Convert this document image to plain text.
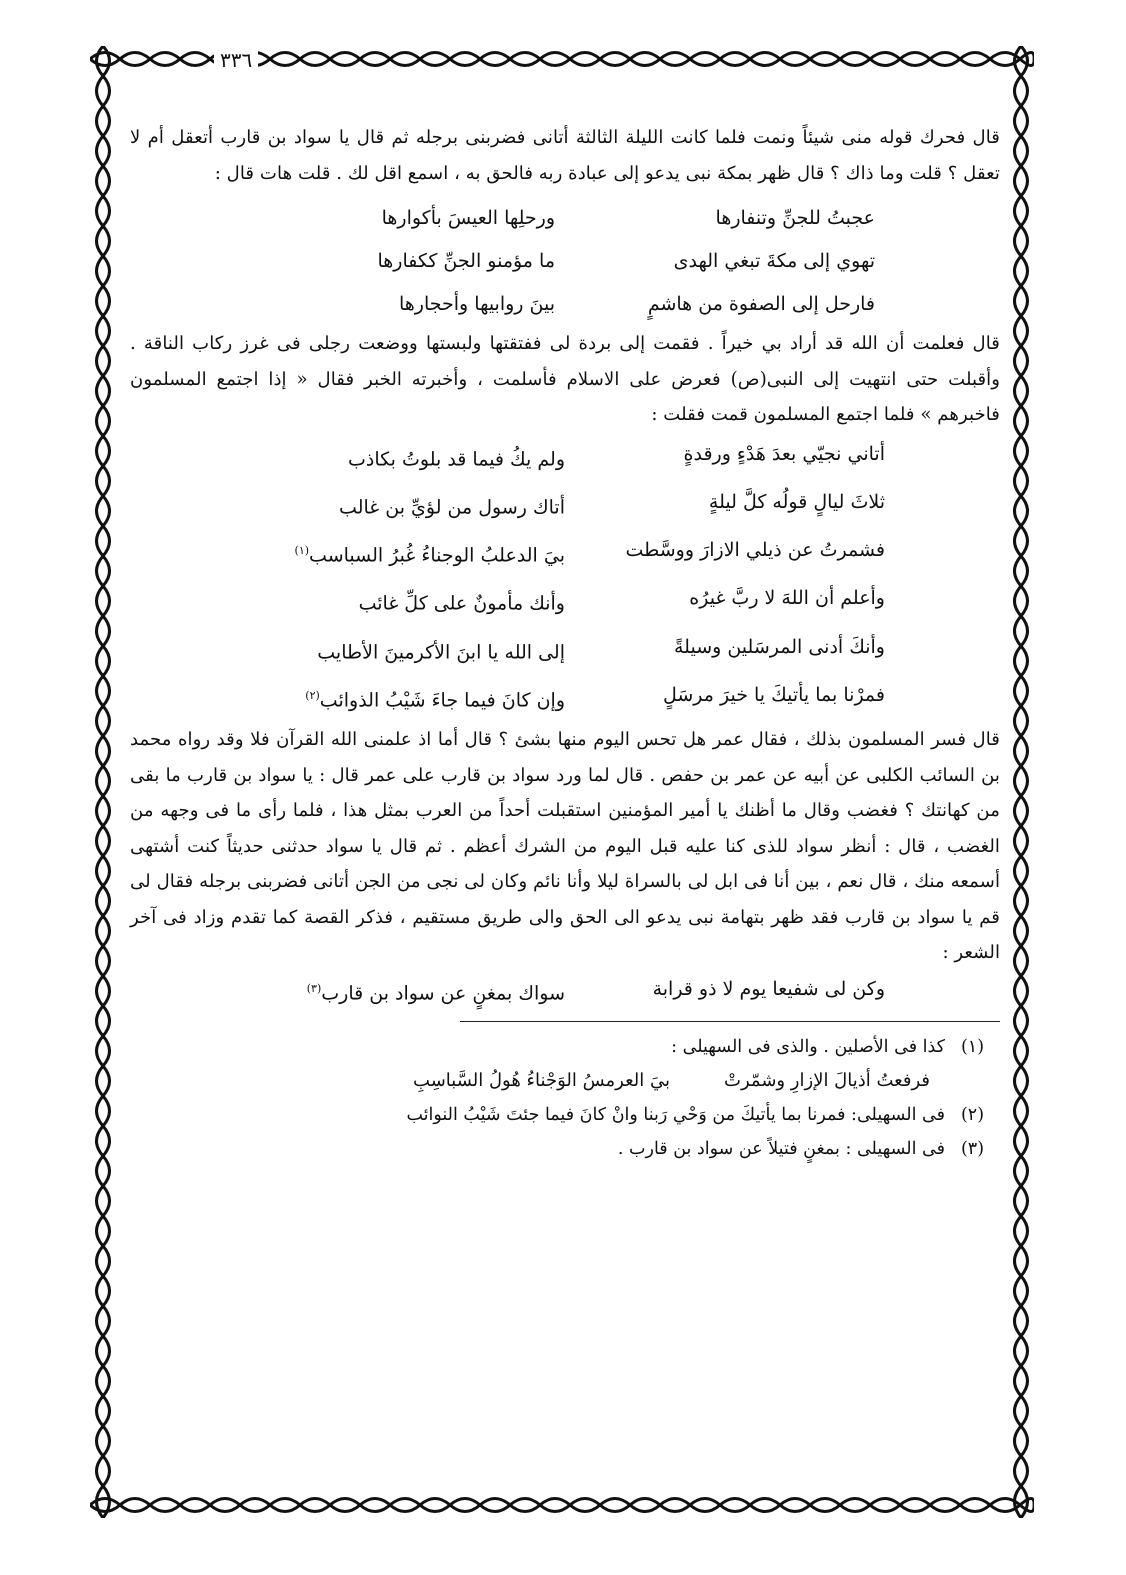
٣٣٦

قال فحرك قوله منى شيئاً ونمت فلما كانت الليلة الثالثة أتانى فضربنى برجله ثم قال يا سواد بن قارب أتعقل أم لا تعقل ؟ قلت وما ذاك ؟ قال ظهر بمكة نبى يدعو إلى عبادة ربه فالحق به ، اسمع اقل لك . قلت هات قال :

عجبتُ للجنِّ وتنفارها
ورحلِها العيسَ بأكوارها
تهوي إلى مكةَ تبغي الهدى
ما مؤمنو الجنِّ ككفارها
فارحل إلى الصفوة من هاشمٍ
بينَ روابيها وأحجارها

قال فعلمت أن الله قد أراد بي خيراً . فقمت إلى بردة لى ففتقتها ولبستها ووضعت رجلى فى غرز ركاب الناقة . وأقبلت حتى انتهيت إلى النبى(ص) فعرض على الاسلام فأسلمت ، وأخبرته الخبر فقال « إذا اجتمع المسلمون فاخبرهم » فلما اجتمع المسلمون قمت فقلت :

أتاني نجيّي بعدَ هَدْءٍ ورقدةٍ
ولم يكُ فيما قد بلوتُ بكاذب
ثلاثَ ليالٍ قولُه كلَّ ليلةٍ
أتاك رسول من لؤيِّ بن غالب
فشمرتُ عن ذيلي الازارَ ووسَّطت
بيَ الدعلبُ الوجناءُ غُبرُ السباسب$^{(١)}$
وأعلم أن اللهَ لا ربَّ غيرُه
وأنك مأمونٌ على كلِّ غائب
وأنكَ أدنى المرسَلين وسيلةً
إلى الله يا ابنَ الأكرمينَ الأطايب
فمرْنا بما يأتيكَ يا خيرَ مرسَلٍ
وإن كانَ فيما جاءَ شَيْبُ الذوائب$^{(٢)}$

قال فسر المسلمون بذلك ، فقال عمر هل تحس اليوم منها بشئ ؟ قال أما اذ علمنى الله القرآن فلا وقد رواه محمد بن السائب الكلبى عن أبيه عن عمر بن حفص . قال لما ورد سواد بن قارب على عمر قال : يا سواد بن قارب ما بقى من كهانتك ؟ فغضب وقال ما أظنك يا أمير المؤمنين استقبلت أحداً من العرب بمثل هذا ، فلما رأى ما فى وجهه من الغضب ، قال : أنظر سواد للذى كنا عليه قبل اليوم من الشرك أعظم . ثم قال يا سواد حدثنى حديثاً كنت أشتهى أسمعه منك ، قال نعم ، بين أنا فى ابل لى بالسراة ليلا وأنا نائم وكان لى نجى من الجن أتانى فضربنى برجله فقال لى قم يا سواد بن قارب فقد ظهر بتهامة نبى يدعو الى الحق والى طريق مستقيم ، فذكر القصة كما تقدم وزاد فى آخر الشعر :

وكن لى شفيعا يوم لا ذو قرابة
سواك بمغنٍ عن سواد بن قارب$^{(٣)}$
(١)
كذا فى الأصلين . والذى فى السهيلى :
فرفعتُ أذيالَ الإزارِ وشمّرتْ
بيَ العرمسُ الوَجْناءُ هُولُ السَّباسِبِ
(٢)
فى السهيلى: فمرنا بما يأتيكَ من وَحْي رَبنا وانْ كانَ فيما جئتَ شَيْبُ النوائب
(٣)
فى السهيلى : بمغنٍ فتيلاً عن سواد بن قارب .
